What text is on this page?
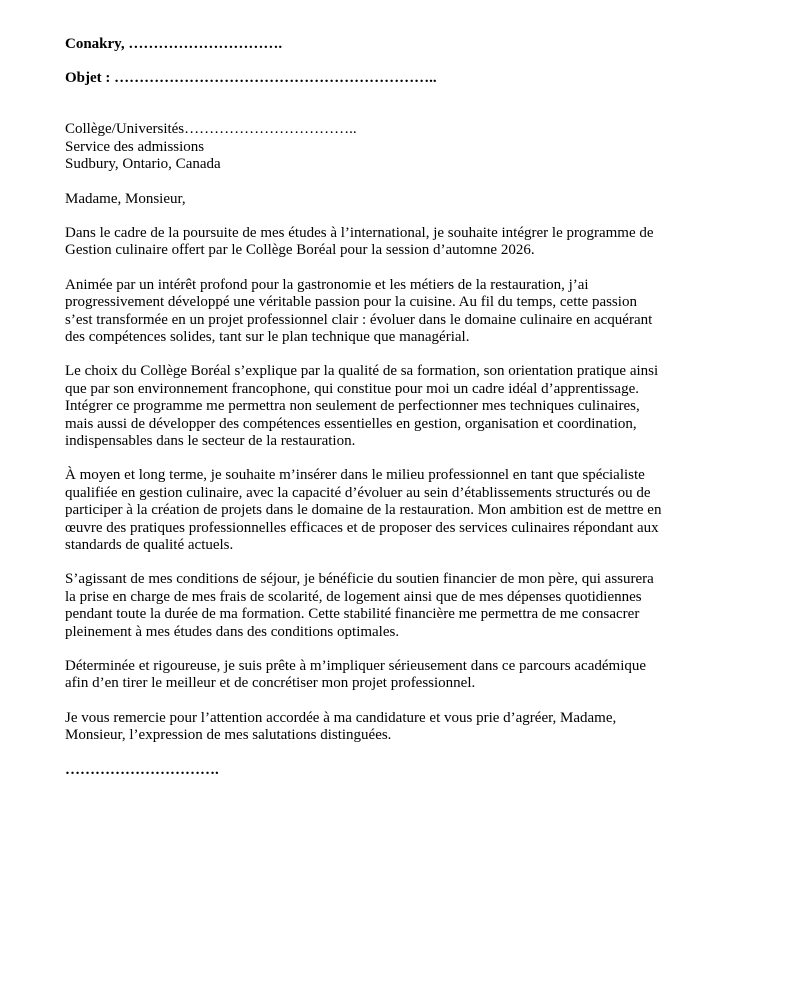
Conakry, ………………………….
Objet : ………………………………………………………..
Collège/Universités……………………………..
Service des admissions
Sudbury, Ontario, Canada
Madame, Monsieur,

Dans le cadre de la poursuite de mes études à l’international, je souhaite intégrer le programme de
Gestion culinaire offert par le Collège Boréal pour la session d’automne 2026.

Animée par un intérêt profond pour la gastronomie et les métiers de la restauration, j’ai
progressivement développé une véritable passion pour la cuisine. Au fil du temps, cette passion
s’est transformée en un projet professionnel clair : évoluer dans le domaine culinaire en acquérant
des compétences solides, tant sur le plan technique que managérial.

Le choix du Collège Boréal s’explique par la qualité de sa formation, son orientation pratique ainsi
que par son environnement francophone, qui constitue pour moi un cadre idéal d’apprentissage.
Intégrer ce programme me permettra non seulement de perfectionner mes techniques culinaires,
mais aussi de développer des compétences essentielles en gestion, organisation et coordination,
indispensables dans le secteur de la restauration.

À moyen et long terme, je souhaite m’insérer dans le milieu professionnel en tant que spécialiste
qualifiée en gestion culinaire, avec la capacité d’évoluer au sein d’établissements structurés ou de
participer à la création de projets dans le domaine de la restauration. Mon ambition est de mettre en
œuvre des pratiques professionnelles efficaces et de proposer des services culinaires répondant aux
standards de qualité actuels.

S’agissant de mes conditions de séjour, je bénéficie du soutien financier de mon père, qui assurera
la prise en charge de mes frais de scolarité, de logement ainsi que de mes dépenses quotidiennes
pendant toute la durée de ma formation. Cette stabilité financière me permettra de me consacrer
pleinement à mes études dans des conditions optimales.

Déterminée et rigoureuse, je suis prête à m’impliquer sérieusement dans ce parcours académique
afin d’en tirer le meilleur et de concrétiser mon projet professionnel.

Je vous remercie pour l’attention accordée à ma candidature et vous prie d’agréer, Madame,
Monsieur, l’expression de mes salutations distinguées.

………………………….
